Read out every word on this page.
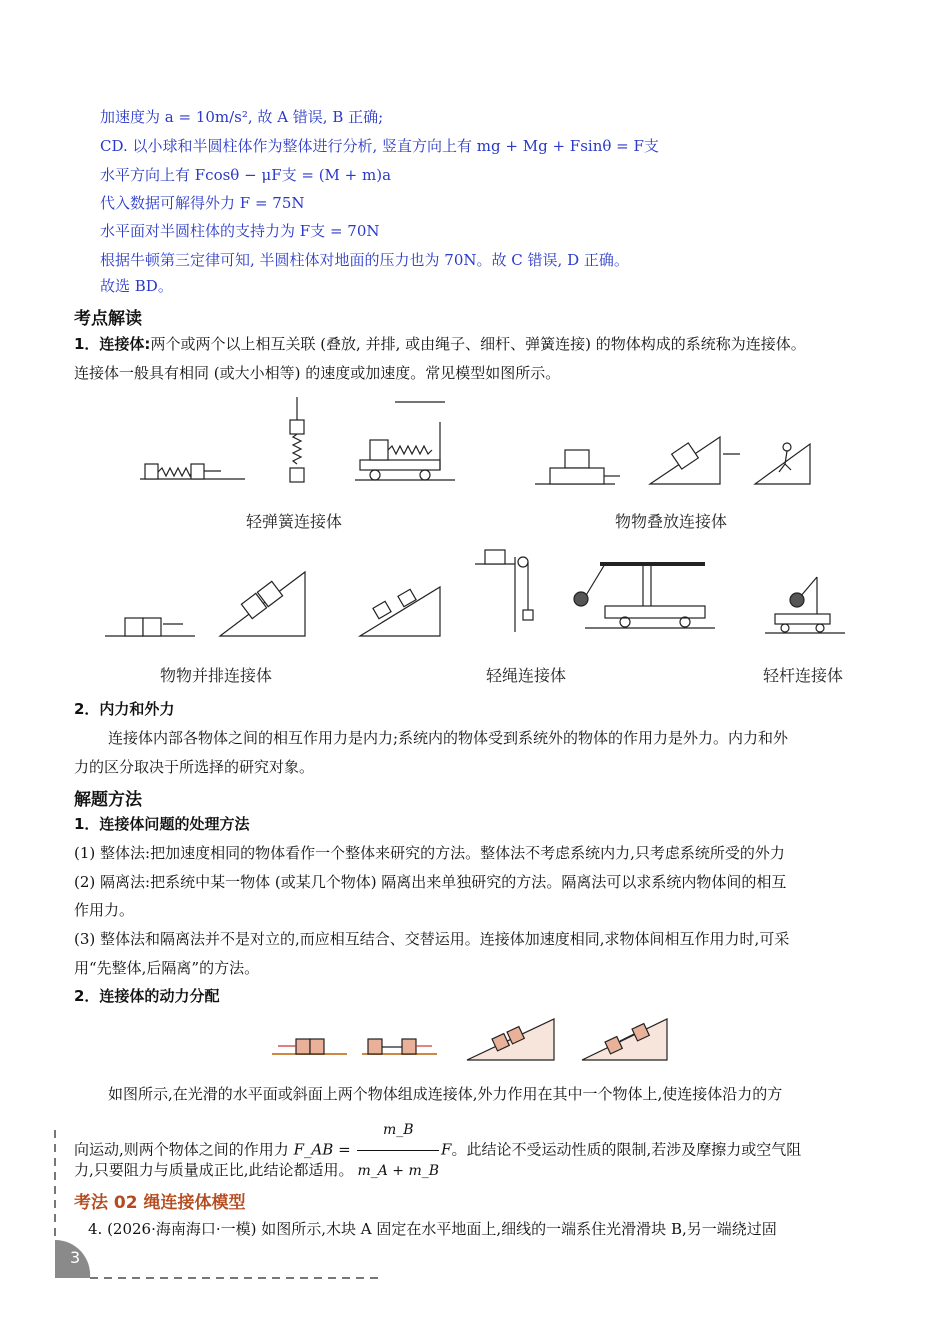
加速度为 a = 10m/s², 故 A 错误, B 正确;
CD. 以小球和半圆柱体作为整体进行分析, 竖直方向上有 mg + Mg + Fsinθ = F支
水平方向上有 Fcosθ − μF支 = (M + m)a
代入数据可解得外力 F = 75N
水平面对半圆柱体的支持力为 F支 = 70N
根据牛顿第三定律可知, 半圆柱体对地面的压力也为 70N。故 C 错误, D 正确。
故选 BD。
考点解读
1．连接体:两个或两个以上相互关联 (叠放, 并排, 或由绳子、细杆、弹簧连接) 的物体构成的系统称为连接体。
连接体一般具有相同 (或大小相等) 的速度或加速度。常见模型如图所示。
轻弹簧连接体	物物叠放连接体
物物并排连接体	轻绳连接体	轻杆连接体
2．内力和外力
连接体内部各物体之间的相互作用力是内力;系统内的物体受到系统外的物体的作用力是外力。内力和外
力的区分取决于所选择的研究对象。
解题方法
1．连接体问题的处理方法
(1) 整体法:把加速度相同的物体看作一个整体来研究的方法。整体法不考虑系统内力,只考虑系统所受的外力
(2) 隔离法:把系统中某一物体 (或某几个物体) 隔离出来单独研究的方法。隔离法可以求系统内物体间的相互
作用力。
(3) 整体法和隔离法并不是对立的,而应相互结合、交替运用。连接体加速度相同,求物体间相互作用力时,可采
用“先整体,后隔离”的方法。
2．连接体的动力分配
如图所示,在光滑的水平面或斜面上两个物体组成连接体,外力作用在其中一个物体上,使连接体沿力的方
向运动,则两个物体之间的作用力 F_AB = $\frac{m\_B}{m\_A + m\_B}$ F。此结论不受运动性质的限制,若涉及摩擦力或空气阻
力,只要阻力与质量成正比,此结论都适用。
考法 02 绳连接体模型
4. (2026·海南海口·一模) 如图所示,木块 A 固定在水平地面上,细线的一端系住光滑滑块 B,另一端绕过固
3
